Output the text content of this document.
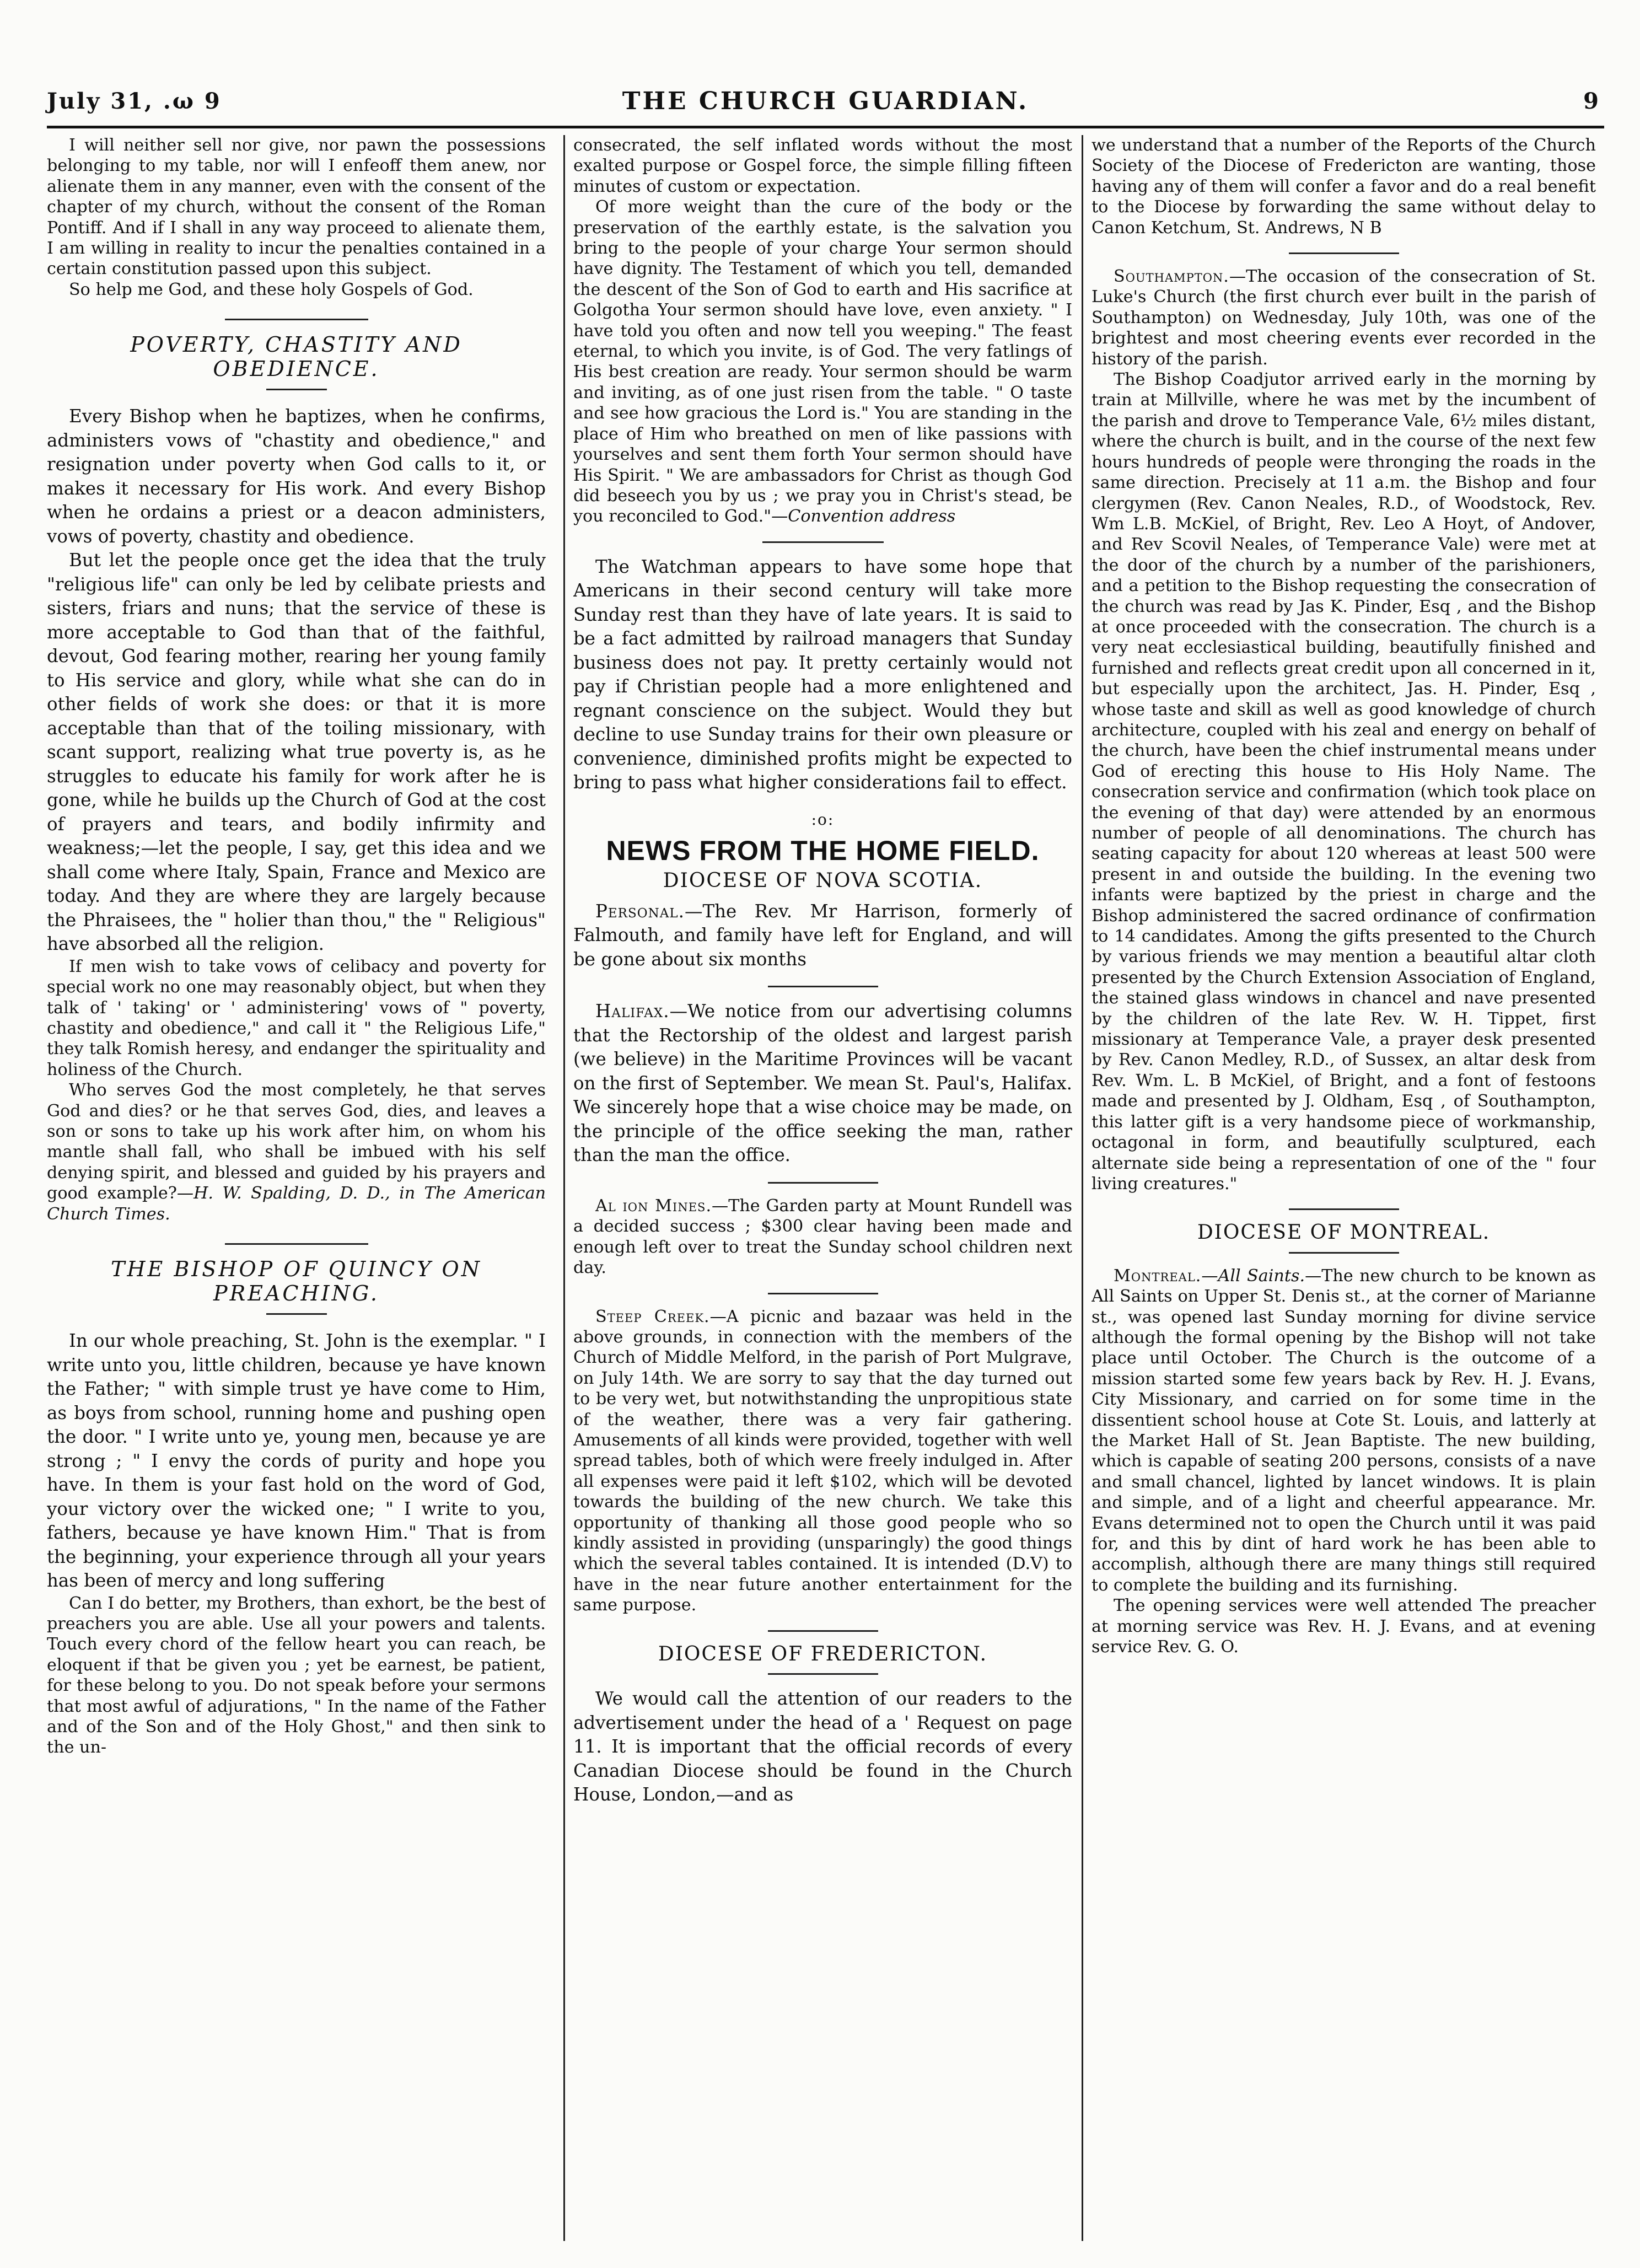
July 31, .ω 9	THE CHURCH GUARDIAN.	9

I will neither sell nor give, nor pawn the possessions belonging to my table, nor will I enfeoff them anew, nor alienate them in any manner, even with the consent of the chapter of my church, without the consent of the Roman Pontiff. And if I shall in any way proceed to alienate them, I am willing in reality to incur the penalties contained in a certain constitution passed upon this subject.

So help me God, and these holy Gospels of God.

POVERTY, CHASTITY AND OBEDIENCE.

Every Bishop when he baptizes, when he confirms, administers vows of "chastity and obedience," and resignation under poverty when God calls to it, or makes it necessary for His work. And every Bishop when he ordains a priest or a deacon administers, vows of poverty, chastity and obedience.

But let the people once get the idea that the truly "religious life" can only be led by celibate priests and sisters, friars and nuns; that the service of these is more acceptable to God than that of the faithful, devout, God fearing mother, rearing her young family to His service and glory, while what she can do in other fields of work she does: or that it is more acceptable than that of the toiling missionary, with scant support, realizing what true poverty is, as he struggles to educate his family for work after he is gone, while he builds up the Church of God at the cost of prayers and tears, and bodily infirmity and weakness;—let the people, I say, get this idea and we shall come where Italy, Spain, France and Mexico are today. And they are where they are largely because the Phraisees, the " holier than thou," the " Religious" have absorbed all the religion.

If men wish to take vows of celibacy and poverty for special work no one may reasonably object, but when they talk of ' taking' or ' administering' vows of " poverty, chastity and obedience," and call it " the Religious Life," they talk Romish heresy, and endanger the spirituality and holiness of the Church.

Who serves God the most completely, he that serves God and dies? or he that serves God, dies, and leaves a son or sons to take up his work after him, on whom his mantle shall fall, who shall be imbued with his self denying spirit, and blessed and guided by his prayers and good example?—H. W. Spalding, D. D., in The American Church Times.

THE BISHOP OF QUINCY ON PREACHING.

In our whole preaching, St. John is the exemplar. " I write unto you, little children, because ye have known the Father; " with simple trust ye have come to Him, as boys from school, running home and pushing open the door. " I write unto ye, young men, because ye are strong ; " I envy the cords of purity and hope you have. In them is your fast hold on the word of God, your victory over the wicked one; " I write to you, fathers, because ye have known Him." That is from the beginning, your experience through all your years has been of mercy and long suffering

Can I do better, my Brothers, than exhort, be the best of preachers you are able. Use all your powers and talents. Touch every chord of the fellow heart you can reach, be eloquent if that be given you ; yet be earnest, be patient, for these belong to you. Do not speak before your sermons that most awful of adjurations, " In the name of the Father and of the Son and of the Holy Ghost," and then sink to the un-

consecrated, the self inflated words without the most exalted purpose or Gospel force, the simple filling fifteen minutes of custom or expectation.

Of more weight than the cure of the body or the preservation of the earthly estate, is the salvation you bring to the people of your charge Your sermon should have dignity. The Testament of which you tell, demanded the descent of the Son of God to earth and His sacrifice at Golgotha Your sermon should have love, even anxiety. " I have told you often and now tell you weeping." The feast eternal, to which you invite, is of God. The very fatlings of His best creation are ready. Your sermon should be warm and inviting, as of one just risen from the table. " O taste and see how gracious the Lord is." You are standing in the place of Him who breathed on men of like passions with yourselves and sent them forth Your sermon should have His Spirit. " We are ambassadors for Christ as though God did beseech you by us ; we pray you in Christ's stead, be you reconciled to God."—Convention address

The Watchman appears to have some hope that Americans in their second century will take more Sunday rest than they have of late years. It is said to be a fact admitted by railroad managers that Sunday business does not pay. It pretty certainly would not pay if Christian people had a more enlightened and regnant conscience on the subject. Would they but decline to use Sunday trains for their own pleasure or convenience, diminished profits might be expected to bring to pass what higher considerations fail to effect.

:o:
NEWS FROM THE HOME FIELD.
DIOCESE OF NOVA SCOTIA.

Personal.—The Rev. Mr Harrison, formerly of Falmouth, and family have left for England, and will be gone about six months

Halifax.—We notice from our advertising columns that the Rectorship of the oldest and largest parish (we believe) in the Maritime Provinces will be vacant on the first of September. We mean St. Paul's, Halifax. We sincerely hope that a wise choice may be made, on the principle of the office seeking the man, rather than the man the office.

Al ion Mines.—The Garden party at Mount Rundell was a decided success ; $300 clear having been made and enough left over to treat the Sunday school children next day.

Steep Creek.—A picnic and bazaar was held in the above grounds, in connection with the members of the Church of Middle Melford, in the parish of Port Mulgrave, on July 14th. We are sorry to say that the day turned out to be very wet, but notwithstanding the unpropitious state of the weather, there was a very fair gathering. Amusements of all kinds were provided, together with well spread tables, both of which were freely indulged in. After all expenses were paid it left $102, which will be devoted towards the building of the new church. We take this opportunity of thanking all those good people who so kindly assisted in providing (unsparingly) the good things which the several tables contained. It is intended (D.V) to have in the near future another entertainment for the same purpose.

DIOCESE OF FREDERICTON.

We would call the attention of our readers to the advertisement under the head of a ' Request on page 11. It is important that the official records of every Canadian Diocese should be found in the Church House, London,—and as

we understand that a number of the Reports of the Church Society of the Diocese of Fredericton are wanting, those having any of them will confer a favor and do a real benefit to the Diocese by forwarding the same without delay to Canon Ketchum, St. Andrews, N B

Southampton.—The occasion of the consecration of St. Luke's Church (the first church ever built in the parish of Southampton) on Wednesday, July 10th, was one of the brightest and most cheering events ever recorded in the history of the parish.

The Bishop Coadjutor arrived early in the morning by train at Millville, where he was met by the incumbent of the parish and drove to Temperance Vale, 6½ miles distant, where the church is built, and in the course of the next few hours hundreds of people were thronging the roads in the same direction. Precisely at 11 a.m. the Bishop and four clergymen (Rev. Canon Neales, R.D., of Woodstock, Rev. Wm L.B. McKiel, of Bright, Rev. Leo A Hoyt, of Andover, and Rev Scovil Neales, of Temperance Vale) were met at the door of the church by a number of the parishioners, and a petition to the Bishop requesting the consecration of the church was read by Jas K. Pinder, Esq , and the Bishop at once proceeded with the consecration. The church is a very neat ecclesiastical building, beautifully finished and furnished and reflects great credit upon all concerned in it, but especially upon the architect, Jas. H. Pinder, Esq , whose taste and skill as well as good knowledge of church architecture, coupled with his zeal and energy on behalf of the church, have been the chief instrumental means under God of erecting this house to His Holy Name. The consecration service and confirmation (which took place on the evening of that day) were attended by an enormous number of people of all denominations. The church has seating capacity for about 120 whereas at least 500 were present in and outside the building. In the evening two infants were baptized by the priest in charge and the Bishop administered the sacred ordinance of confirmation to 14 candidates. Among the gifts presented to the Church by various friends we may mention a beautiful altar cloth presented by the Church Extension Association of England, the stained glass windows in chancel and nave presented by the children of the late Rev. W. H. Tippet, first missionary at Temperance Vale, a prayer desk presented by Rev. Canon Medley, R.D., of Sussex, an altar desk from Rev. Wm. L. B McKiel, of Bright, and a font of festoons made and presented by J. Oldham, Esq , of Southampton, this latter gift is a very handsome piece of workmanship, octagonal in form, and beautifully sculptured, each alternate side being a representation of one of the " four living creatures."

DIOCESE OF MONTREAL.

Montreal.—All Saints.—The new church to be known as All Saints on Upper St. Denis st., at the corner of Marianne st., was opened last Sunday morning for divine service although the formal opening by the Bishop will not take place until October. The Church is the outcome of a mission started some few years back by Rev. H. J. Evans, City Missionary, and carried on for some time in the dissentient school house at Cote St. Louis, and latterly at the Market Hall of St. Jean Baptiste. The new building, which is capable of seating 200 persons, consists of a nave and small chancel, lighted by lancet windows. It is plain and simple, and of a light and cheerful appearance. Mr. Evans determined not to open the Church until it was paid for, and this by dint of hard work he has been able to accomplish, although there are many things still required to complete the building and its furnishing.

The opening services were well attended The preacher at morning service was Rev. H. J. Evans, and at evening service Rev. G. O.
